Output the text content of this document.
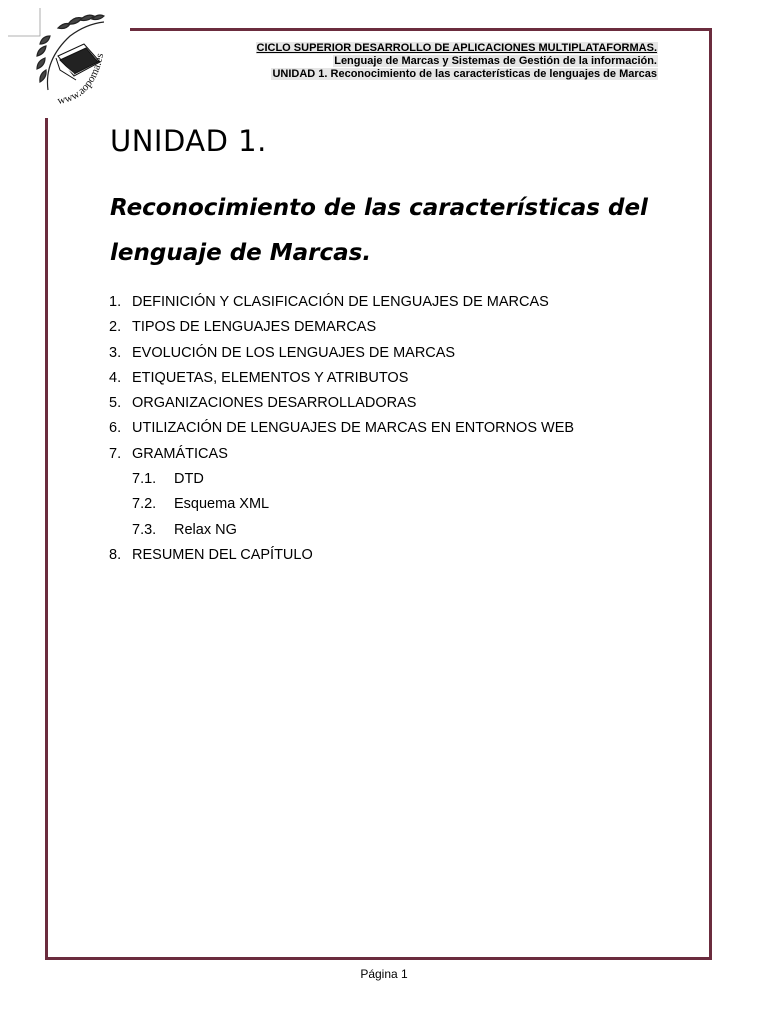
www.aopoma.es
CICLO SUPERIOR DESARROLLO DE APLICACIONES MULTIPLATAFORMAS.
Lenguaje de Marcas y Sistemas de Gestión de la información.
UNIDAD 1. Reconocimiento de las características de lenguajes de Marcas
UNIDAD 1.
Reconocimiento de las características del lenguaje de Marcas.
1. DEFINICIÓN Y CLASIFICACIÓN DE LENGUAJES DE MARCAS
2. TIPOS DE LENGUAJES DEMARCAS
3. EVOLUCIÓN DE LOS LENGUAJES DE MARCAS
4. ETIQUETAS, ELEMENTOS Y ATRIBUTOS
5. ORGANIZACIONES DESARROLLADORAS
6. UTILIZACIÓN DE LENGUAJES DE MARCAS EN ENTORNOS WEB
7. GRAMÁTICAS
7.1. DTD
7.2. Esquema XML
7.3. Relax NG
8. RESUMEN DEL CAPÍTULO
Página 1
